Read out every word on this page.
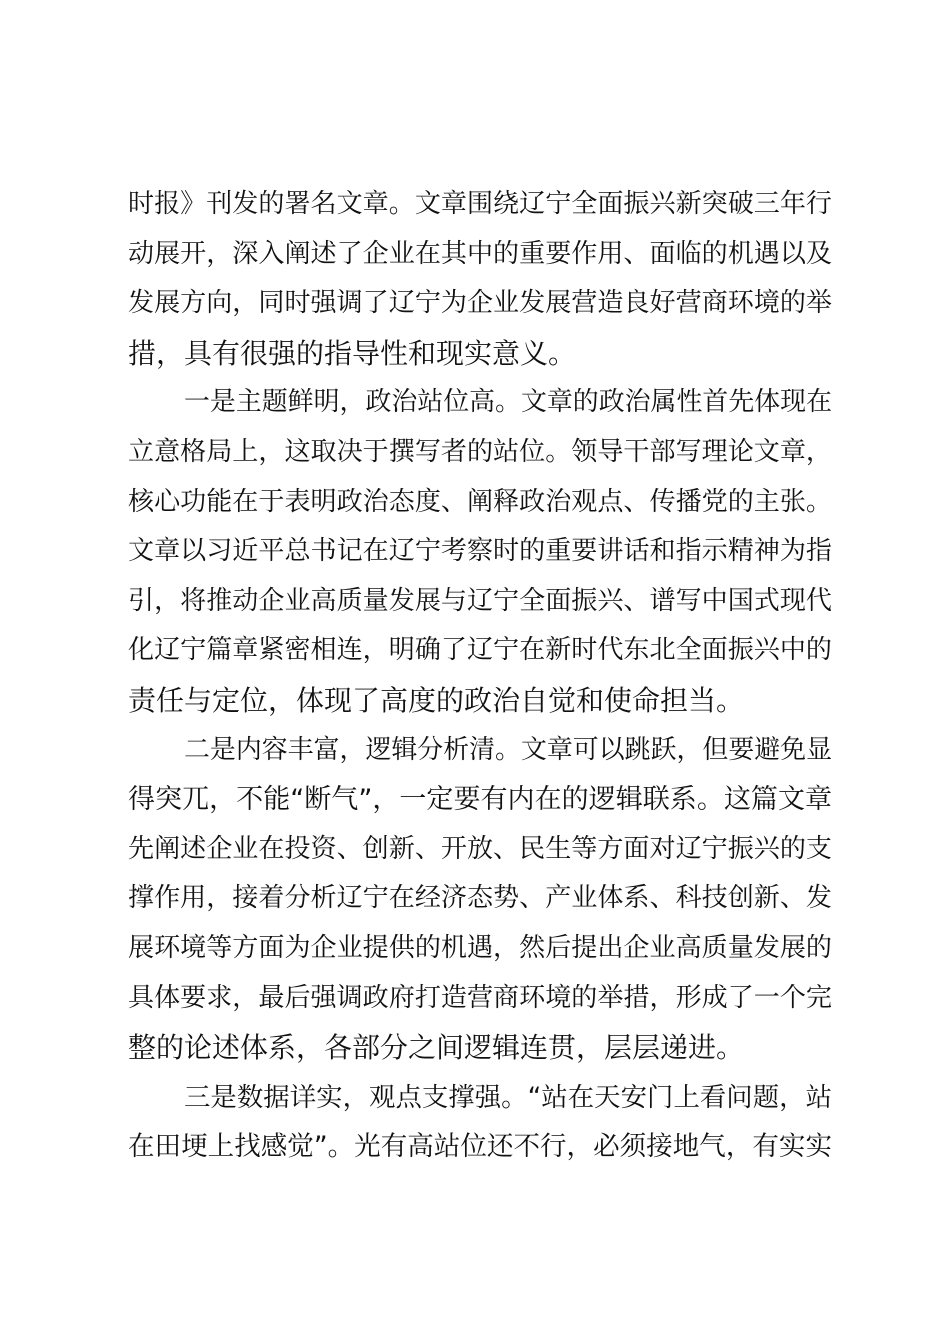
时报》刊发的署名文章。文章围绕辽宁全面振兴新突破三年行
动展开，深入阐述了企业在其中的重要作用、面临的机遇以及
发展方向，同时强调了辽宁为企业发展营造良好营商环境的举
措，具有很强的指导性和现实意义。
一是主题鲜明，政治站位高。文章的政治属性首先体现在
立意格局上，这取决于撰写者的站位。领导干部写理论文章，
核心功能在于表明政治态度、阐释政治观点、传播党的主张。
文章以习近平总书记在辽宁考察时的重要讲话和指示精神为指
引，将推动企业高质量发展与辽宁全面振兴、谱写中国式现代
化辽宁篇章紧密相连，明确了辽宁在新时代东北全面振兴中的
责任与定位，体现了高度的政治自觉和使命担当。
二是内容丰富，逻辑分析清。文章可以跳跃，但要避免显
得突兀，不能“断气”，一定要有内在的逻辑联系。这篇文章
先阐述企业在投资、创新、开放、民生等方面对辽宁振兴的支
撑作用，接着分析辽宁在经济态势、产业体系、科技创新、发
展环境等方面为企业提供的机遇，然后提出企业高质量发展的
具体要求，最后强调政府打造营商环境的举措，形成了一个完
整的论述体系，各部分之间逻辑连贯，层层递进。
三是数据详实，观点支撑强。“站在天安门上看问题，站
在田埂上找感觉”。光有高站位还不行，必须接地气，有实实
